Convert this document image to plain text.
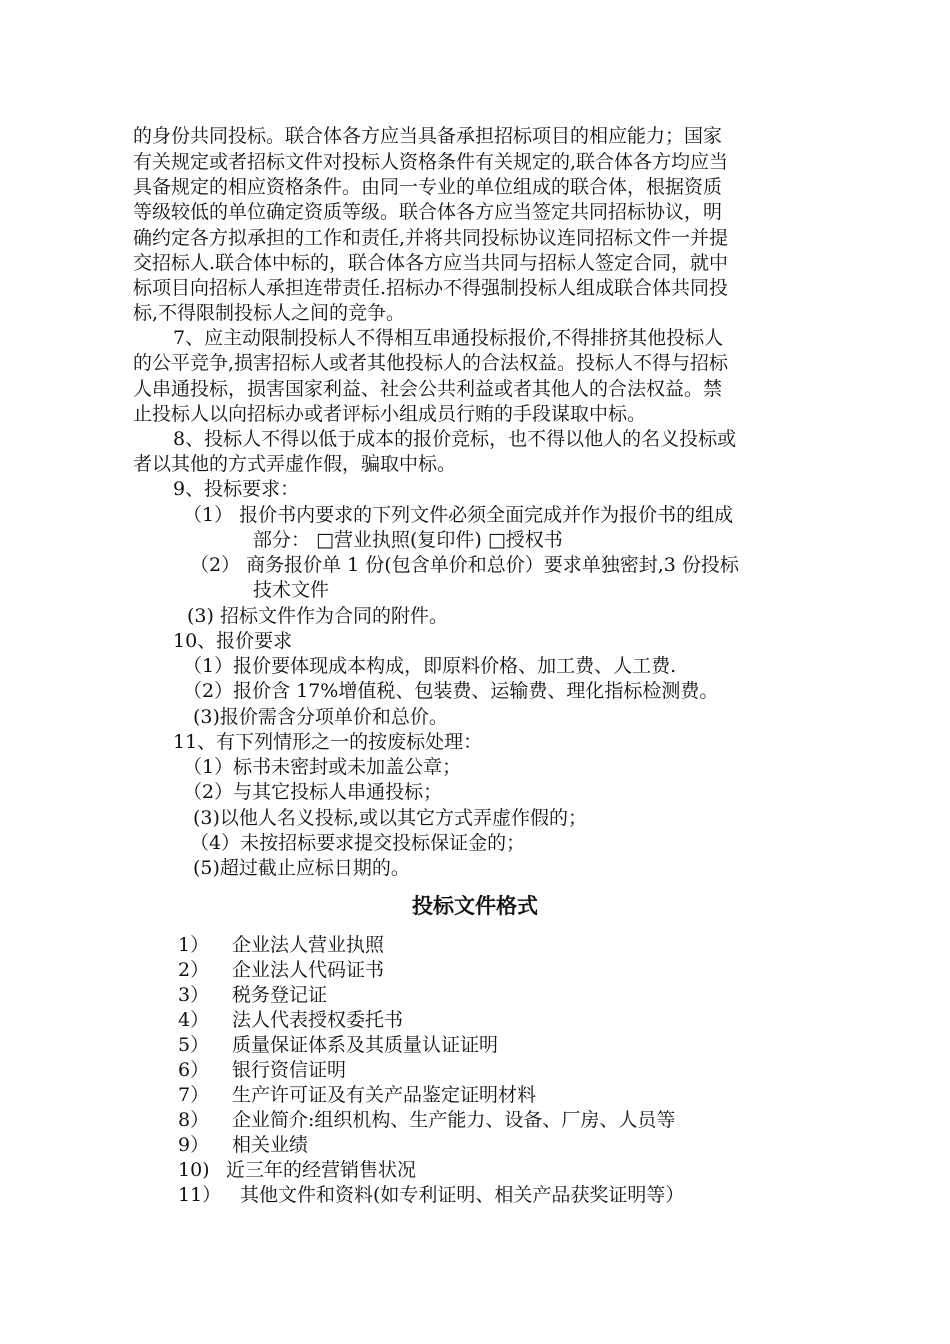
的身份共同投标。联合体各方应当具备承担招标项目的相应能力；国家

有关规定或者招标文件对投标人资格条件有关规定的,联合体各方均应当

具备规定的相应资格条件。由同一专业的单位组成的联合体，根据资质

等级较低的单位确定资质等级。联合体各方应当签定共同招标协议，明

确约定各方拟承担的工作和责任,并将共同投标协议连同招标文件一并提

交招标人.联合体中标的，联合体各方应当共同与招标人签定合同，就中

标项目向招标人承担连带责任.招标办不得强制投标人组成联合体共同投

标,不得限制投标人之间的竞争。

7、应主动限制投标人不得相互串通投标报价,不得排挤其他投标人

的公平竞争,损害招标人或者其他投标人的合法权益。投标人不得与招标

人串通投标，损害国家利益、社会公共利益或者其他人的合法权益。禁

止投标人以向招标办或者评标小组成员行贿的手段谋取中标。

8、投标人不得以低于成本的报价竞标，也不得以他人的名义投标或

者以其他的方式弄虚作假，骗取中标。

9、投标要求：

（1） 报价书内要求的下列文件必须全面完成并作为报价书的组成

部分： □营业执照(复印件) □授权书

（2） 商务报价单 1 份(包含单价和总价）要求单独密封,3 份投标

技术文件

(3) 招标文件作为合同的附件。

10、报价要求

（1）报价要体现成本构成，即原料价格、加工费、人工费.

（2）报价含 17%增值税、包装费、运输费、理化指标检测费。

(3)报价需含分项单价和总价。

11、有下列情形之一的按废标处理：

（1）标书未密封或未加盖公章；

（2）与其它投标人串通投标；

(3)以他人名义投标,或以其它方式弄虚作假的；

（4）未按招标要求提交投标保证金的；

(5)超过截止应标日期的。

投标文件格式
1） 企业法人营业执照
2） 企业法人代码证书
3） 税务登记证
4） 法人代表授权委托书
5） 质量保证体系及其质量认证证明
6） 银行资信证明
7） 生产许可证及有关产品鉴定证明材料
8） 企业简介:组织机构、生产能力、设备、厂房、人员等
9） 相关业绩
10) 近三年的经营销售状况
11） 其他文件和资料(如专利证明、相关产品获奖证明等）
